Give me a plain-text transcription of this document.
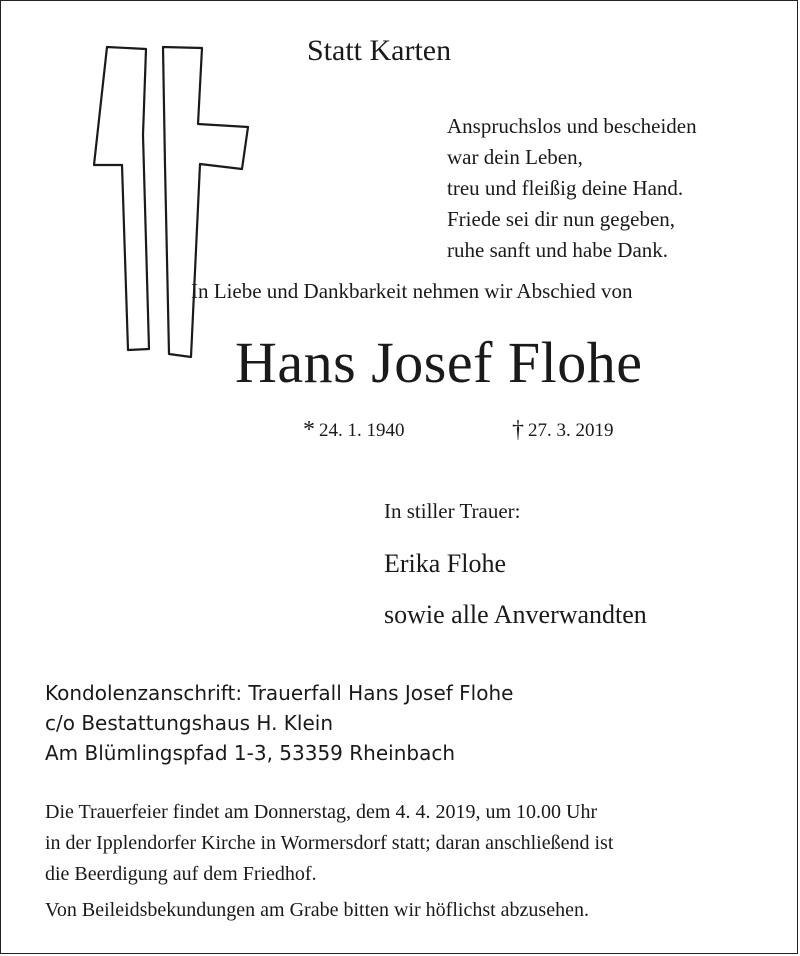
Statt Karten
Anspruchslos und bescheiden
war dein Leben,
treu und fleißig deine Hand.
Friede sei dir nun gegeben,
ruhe sanft und habe Dank.
In Liebe und Dankbarkeit nehmen wir Abschied von
Hans Josef Flohe
* 24. 1. 1940	† 27. 3. 2019
In stiller Trauer:
Erika Flohe
sowie alle Anverwandten
Kondolenzanschrift: Trauerfall Hans Josef Flohe
c/o Bestattungshaus H. Klein
Am Blümlingspfad 1-3, 53359 Rheinbach
Die Trauerfeier findet am Donnerstag, dem 4. 4. 2019, um 10.00 Uhr
in der Ipplendorfer Kirche in Wormersdorf statt; daran anschließend ist
die Beerdigung auf dem Friedhof.
Von Beileidsbekundungen am Grabe bitten wir höflichst abzusehen.
